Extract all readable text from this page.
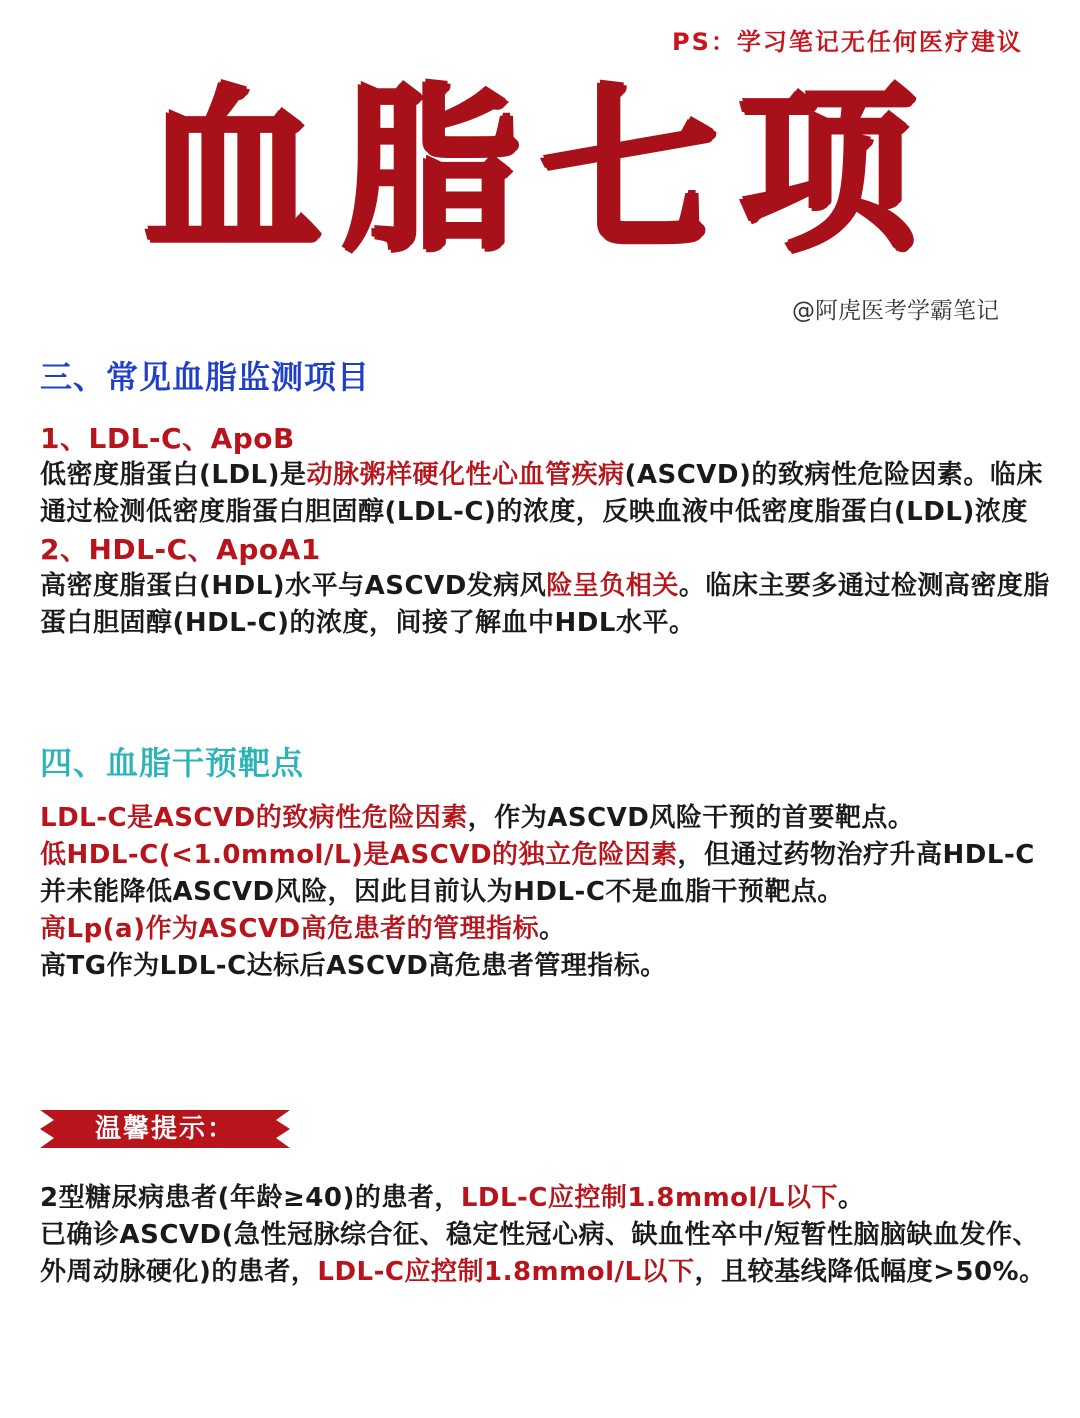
PS：学习笔记无任何医疗建议
血脂七项
@阿虎医考学霸笔记
三、常见血脂监测项目
1、LDL-C、ApoB
低密度脂蛋白(LDL)是动脉粥样硬化性心血管疾病(ASCVD)的致病性危险因素。临床通过检测低密度脂蛋白胆固醇(LDL-C)的浓度，反映血液中低密度脂蛋白(LDL)浓度
2、HDL-C、ApoA1
高密度脂蛋白(HDL)水平与ASCVD发病风险呈负相关。临床主要多通过检测高密度脂蛋白胆固醇(HDL-C)的浓度，间接了解血中HDL水平。
四、血脂干预靶点
LDL-C是ASCVD的致病性危险因素，作为ASCVD风险干预的首要靶点。
低HDL-C(<1.0mmol/L)是ASCVD的独立危险因素，但通过药物治疗升高HDL-C并未能降低ASCVD风险，因此目前认为HDL-C不是血脂干预靶点。
高Lp(a)作为ASCVD高危患者的管理指标。
高TG作为LDL-C达标后ASCVD高危患者管理指标。
温馨提示：
2型糖尿病患者(年龄≥40)的患者，LDL-C应控制1.8mmol/L以下。
已确诊ASCVD(急性冠脉综合征、稳定性冠心病、缺血性卒中/短暂性脑脑缺血发作、外周动脉硬化)的患者，LDL-C应控制1.8mmol/L以下，且较基线降低幅度>50%。
